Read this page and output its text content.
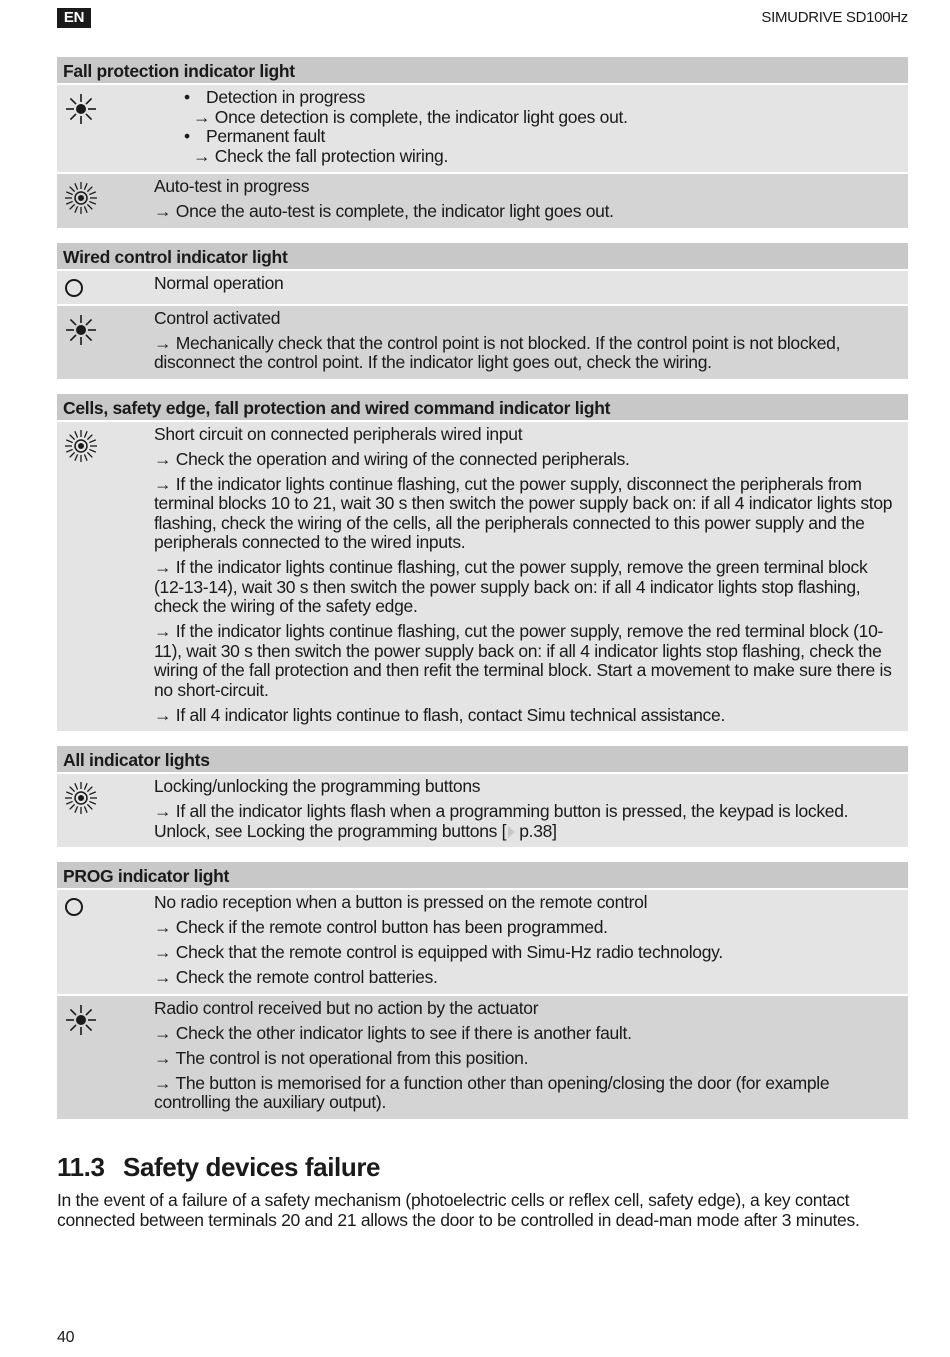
EN	SIMUDRIVE SD100Hz
Fall protection indicator light
• Detection in progress
→ Once detection is complete, the indicator light goes out.
• Permanent fault
→ Check the fall protection wiring.

Auto-test in progress

→ Once the auto-test is complete, the indicator light goes out.

Wired control indicator light

Normal operation

Control activated

→ Mechanically check that the control point is not blocked. If the control point is not blocked, disconnect the control point. If the indicator light goes out, check the wiring.

Cells, safety edge, fall protection and wired command indicator light

Short circuit on connected peripherals wired input

→ Check the operation and wiring of the connected peripherals.

→ If the indicator lights continue flashing, cut the power supply, disconnect the peripherals from terminal blocks 10 to 21, wait 30 s then switch the power supply back on: if all 4 indicator lights stop flashing, check the wiring of the cells, all the peripherals connected to this power supply and the peripherals connected to the wired inputs.

→ If the indicator lights continue flashing, cut the power supply, remove the green terminal block (12-13-14), wait 30 s then switch the power supply back on: if all 4 indicator lights stop flashing, check the wiring of the safety edge.

→ If the indicator lights continue flashing, cut the power supply, remove the red terminal block (10-11), wait 30 s then switch the power supply back on: if all 4 indicator lights stop flashing, check the wiring of the fall protection and then refit the terminal block. Start a movement to make sure there is no short-circuit.

→ If all 4 indicator lights continue to flash, contact Simu technical assistance.

All indicator lights

Locking/unlocking the programming buttons

→ If all the indicator lights flash when a programming button is pressed, the keypad is locked. Unlock, see Locking the programming buttons [ p.38]

PROG indicator light

No radio reception when a button is pressed on the remote control

→ Check if the remote control button has been programmed.

→ Check that the remote control is equipped with Simu-Hz radio technology.

→ Check the remote control batteries.

Radio control received but no action by the actuator

→ Check the other indicator lights to see if there is another fault.

→ The control is not operational from this position.

→ The button is memorised for a function other than opening/closing the door (for example controlling the auxiliary output).

11.3 Safety devices failure
In the event of a failure of a safety mechanism (photoelectric cells or reflex cell, safety edge), a key contact connected between terminals 20 and 21 allows the door to be controlled in dead-man mode after 3 minutes.
40
